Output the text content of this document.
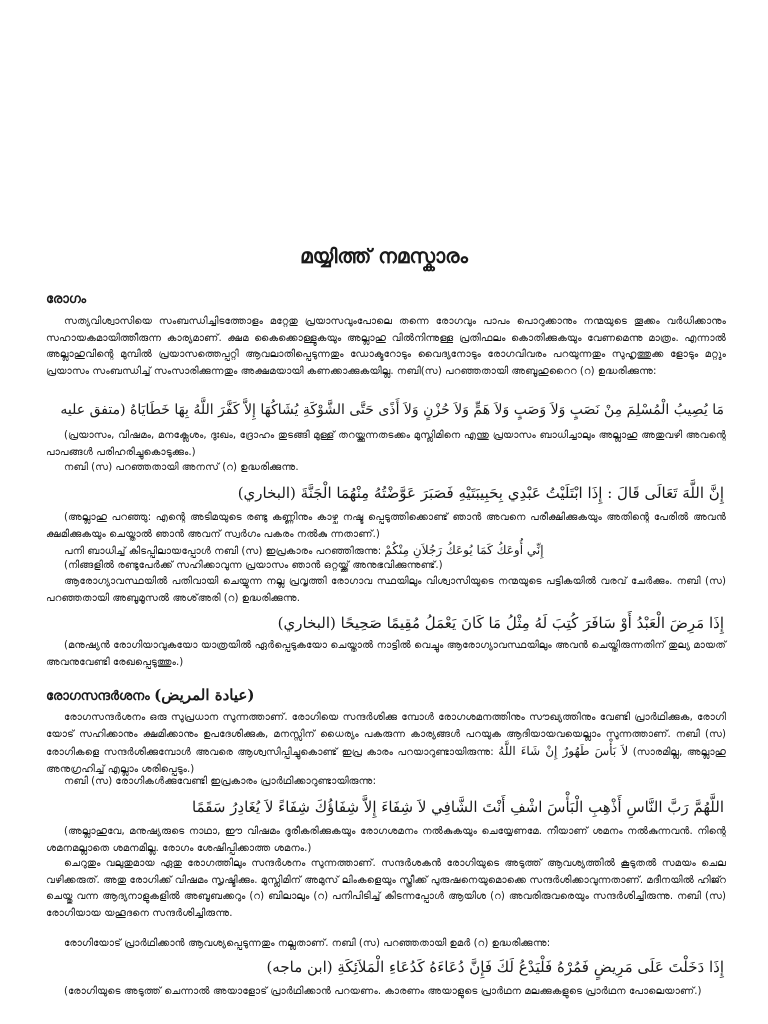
മയ്യിത്ത് നമസ്കാരം
രോഗം
സത്യവിശ്വാസിയെ സംബന്ധിച്ചിടത്തോളം മറ്റേതു പ്രയാസവുംപോലെ തന്നെ രോഗവും പാപം പൊറുക്കാനും നന്മയുടെ തൂക്കം വർധിക്കാനും സഹായകമായിത്തീരുന്ന കാര്യമാണ്. ക്ഷമ കൈക്കൊള്ളുകയും അല്ലാഹു വിൽനിന്നുള്ള പ്രതിഫലം കൊതിക്കുകയും വേണമെന്നു മാത്രം. എന്നാൽ അല്ലാഹുവിന്റെ മുമ്പിൽ പ്രയാസത്തെപ്പറ്റി ആവലാതിപ്പെടുന്നതും ഡോക്ടറോടും വൈദ്യനോടും രോഗവിവരം പറയുന്നതും സുഹൃത്തുക്ക ളോടും മറ്റും പ്രയാസം സംബന്ധിച്ച് സംസാരിക്കുന്നതും അക്ഷമയായി കണക്കാക്കുകയില്ല. നബി(സ) പറഞ്ഞതായി അബൂഹുറൈറ (റ) ഉദ്ധരിക്കുന്നു:
مَا يُصِيبُ الْمُسْلِمَ مِنْ نَصَبٍ وَلاَ وَصَبٍ وَلاَ هَمٍّ وَلاَ حُزْنٍ وَلاَ أَذًى حَتَّى الشَّوْكَةِ يُشَاكُهَا إِلاَّ كَفَّرَ اللَّهُ بِهَا خَطَايَاهُ (متفق عليه
(പ്രയാസം, വിഷമം, മനക്ലേശം, ദുഃഖം, ദ്രോഹം തുടങ്ങി മുള്ള് തറയ്ക്കുന്നതടക്കം മുസ്ലിമിനെ എന്തു പ്രയാസം ബാധിച്ചാലും അല്ലാഹു അതുവഴി അവന്റെ പാപങ്ങൾ പരിഹരിച്ചുകൊടുക്കും.)
നബി (സ) പറഞ്ഞതായി അനസ് (റ) ഉദ്ധരിക്കുന്നു.
إِنَّ اللَّهَ تَعَالَى قَالَ : إِذَا ابْتَلَيْتُ عَبْدِي بِحَبِيبَتَيْهِ فَصَبَرَ عَوَّضْتُهُ مِنْهُمَا الْجَنَّةَ (البخاري)
(അല്ലാഹു പറഞ്ഞു: എന്റെ അടിമയുടെ രണ്ടു കണ്ണിനും കാഴ്ച നഷ്ട പ്പെടുത്തിക്കൊണ്ട് ഞാൻ അവനെ പരീക്ഷിക്കുകയും അതിന്റെ പേരിൽ അവൻ ക്ഷമിക്കുകയും ചെയ്താൽ ഞാൻ അവന് സ്വർഗം പകരം നൽകു ന്നതാണ്.)
പനി ബാധിച്ച് കിടപ്പിലായപ്പോൾ നബി (സ) ഇപ്രകാരം പറഞ്ഞിരുന്നു: إِنِّي أُوعَكُ كَمَا يُوعَكُ رَجُلاَنِ مِنْكُمْ
(നിങ്ങളിൽ രണ്ടുപേർക്ക് സഹിക്കാവുന്ന പ്രയാസം ഞാൻ ഒറ്റയ്ക്ക് അനുഭവിക്കുന്നുണ്ട്.)
ആരോഗ്യാവസ്ഥയിൽ പതിവായി ചെയ്യുന്ന നല്ല പ്രവൃത്തി രോഗാവ സ്ഥയിലും വിശ്വാസിയുടെ നന്മയുടെ പട്ടികയിൽ വരവ് ചേർക്കും. നബി (സ) പറഞ്ഞതായി അബൂമൂസൽ അശ്അരി (റ) ഉദ്ധരിക്കുന്നു.
إِذَا مَرِضَ الْعَبْدُ أَوْ سَافَرَ كُتِبَ لَهُ مِثْلُ مَا كَانَ يَعْمَلُ مُقِيمًا صَحِيحًا (البخاري)
(മനുഷ്യൻ രോഗിയാവുകയോ യാത്രയിൽ ഏർപ്പെടുകയോ ചെയ്താൽ നാട്ടിൽ വെച്ചും ആരോഗ്യാവസ്ഥയിലും അവൻ ചെയ്തിരുന്നതിന് തുല്യ മായത് അവനുവേണ്ടി രേഖപ്പെടുത്തും.)
രോഗസന്ദർശനം (عيادة المريض)
രോഗസന്ദർശനം ഒരു സുപ്രധാന സുന്നത്താണ്. രോഗിയെ സന്ദർശിക്കു മ്പോൾ രോഗശമനത്തിനും സൗഖ്യത്തിനും വേണ്ടി പ്രാർഥിക്കുക, രോഗി യോട് സഹിക്കാനും ക്ഷമിക്കാനും ഉപദേശിക്കുക, മനസ്സിന് ധൈര്യം പകരുന്ന കാര്യങ്ങൾ പറയുക ആദിയായവയെല്ലാം സുന്നത്താണ്. നബി (സ) രോഗികളെ സന്ദർശിക്കുമ്പോൾ അവരെ ആശ്വസിപ്പിച്ചുകൊണ്ട് ഇപ്ര കാരം പറയാറുണ്ടായിരുന്നു: لاَ بَأْسَ طَهُورٌ إِنْ شَاءَ اللَّهُ (സാരമില്ല, അല്ലാഹു അനുഗ്രഹിച്ച് എല്ലാം ശരിപ്പെടും.)
നബി (സ) രോഗികൾക്കുവേണ്ടി ഇപ്രകാരം പ്രാർഥിക്കാറുണ്ടായിരുന്നു:
اللَّهُمَّ رَبَّ النَّاسِ أَذْهِبِ الْبَأْسَ اشْفِ أَنْتَ الشَّافِي لاَ شِفَاءَ إِلاَّ شِفَاؤُكَ شِفَاءً لاَ يُغَادِرُ سَقَمًا
(അല്ലാഹുവേ, മനുഷ്യരുടെ നാഥാ, ഈ വിഷമം ദൂരീകരിക്കുകയും രോഗശമനം നൽകുകയും ചെയ്യേണമേ. നീയാണ് ശമനം നൽകുന്നവൻ. നിന്റെ ശമനമല്ലാതെ ശമനമില്ല. രോഗം ശേഷിപ്പിക്കാത്ത ശമനം.)
ചെറുതും വലുതുമായ ഏതു രോഗത്തിലും സന്ദർശനം സുന്നത്താണ്. സന്ദർശകൻ രോഗിയുടെ അടുത്ത് ആവശ്യത്തിൽ കൂടുതൽ സമയം ചെല വഴിക്കരുത്. അതു രോഗിക്ക് വിഷമം സൃഷ്ടിക്കും. മുസ്ലിമിന് അമുസ് ലിംകളെയും സ്ത്രീക്ക് പുരുഷനെയുമൊക്കെ സന്ദർശിക്കാവുന്നതാണ്. മദീനയിൽ ഹിജ്റ ചെയ്തു വന്ന ആദ്യനാളുകളിൽ അബൂബക്കറും (റ) ബിലാലും (റ) പനിപിടിച്ച് കിടന്നപ്പോൾ ആയിശ (റ) അവരിരുവരെയും സന്ദർശിച്ചിരുന്നു. നബി (സ) രോഗിയായ യഹൂദനെ സന്ദർശിച്ചിരുന്നു.
രോഗിയോട് പ്രാർഥിക്കാൻ ആവശ്യപ്പെടുന്നതും നല്ലതാണ്. നബി (സ) പറഞ്ഞതായി ഉമർ (റ) ഉദ്ധരിക്കുന്നു:
إِذَا دَخَلْتَ عَلَى مَرِيضٍ فَمُرْهُ فَلْيَدْعُ لَكَ فَإِنَّ دُعَاءَهُ كَدُعَاءِ الْمَلاَئِكَةِ (ابن ماجه)
(രോഗിയുടെ അടുത്ത് ചെന്നാൽ അയാളോട് പ്രാർഥിക്കാൻ പറയണം. കാരണം അയാളുടെ പ്രാർഥന മലക്കുകളുടെ പ്രാർഥന പോലെയാണ്.)
